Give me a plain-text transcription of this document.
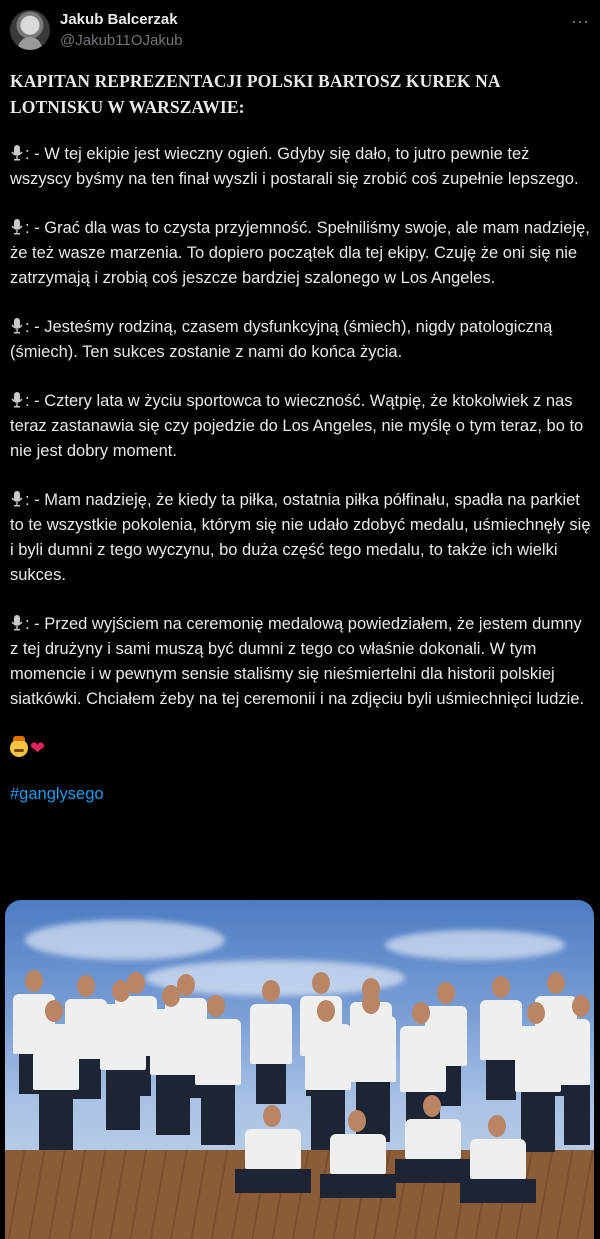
Jakub Balcerzak
@Jakub11OJakub
⋯
KAPITAN REPREZENTACJI POLSKI BARTOSZ KUREK NA LOTNISKU W WARSZAWIE:
: - W tej ekipie jest wieczny ogień. Gdyby się dało, to jutro pewnie też wszyscy byśmy na ten finał wyszli i postarali się zrobić coś zupełnie lepszego.
: - Grać dla was to czysta przyjemność. Spełniliśmy swoje, ale mam nadzieję, że też wasze marzenia. To dopiero początek dla tej ekipy. Czuję że oni się nie zatrzymają i zrobią coś jeszcze bardziej szalonego w Los Angeles.
: - Jesteśmy rodziną, czasem dysfunkcyjną (śmiech), nigdy patologiczną (śmiech). Ten sukces zostanie z nami do końca życia.
: - Cztery lata w życiu sportowca to wieczność. Wątpię, że ktokolwiek z nas teraz zastanawia się czy pojedzie do Los Angeles, nie myślę o tym teraz, bo to nie jest dobry moment.
: - Mam nadzieję, że kiedy ta piłka, ostatnia piłka półfinału, spadła na parkiet to te wszystkie pokolenia, którym się nie udało zdobyć medalu, uśmiechnęły się i byli dumni z tego wyczynu, bo duża część tego medalu, to także ich wielki sukces.
: - Przed wyjściem na ceremonię medalową powiedziałem, że jestem dumny z tej drużyny i sami muszą być dumni z tego co właśnie dokonali. W tym momencie i w pewnym sensie staliśmy się nieśmiertelni dla historii polskiej siatkówki. Chciałem żeby na tej ceremonii i na zdjęciu byli uśmiechnięci ludzie.
❤
#ganglysego
